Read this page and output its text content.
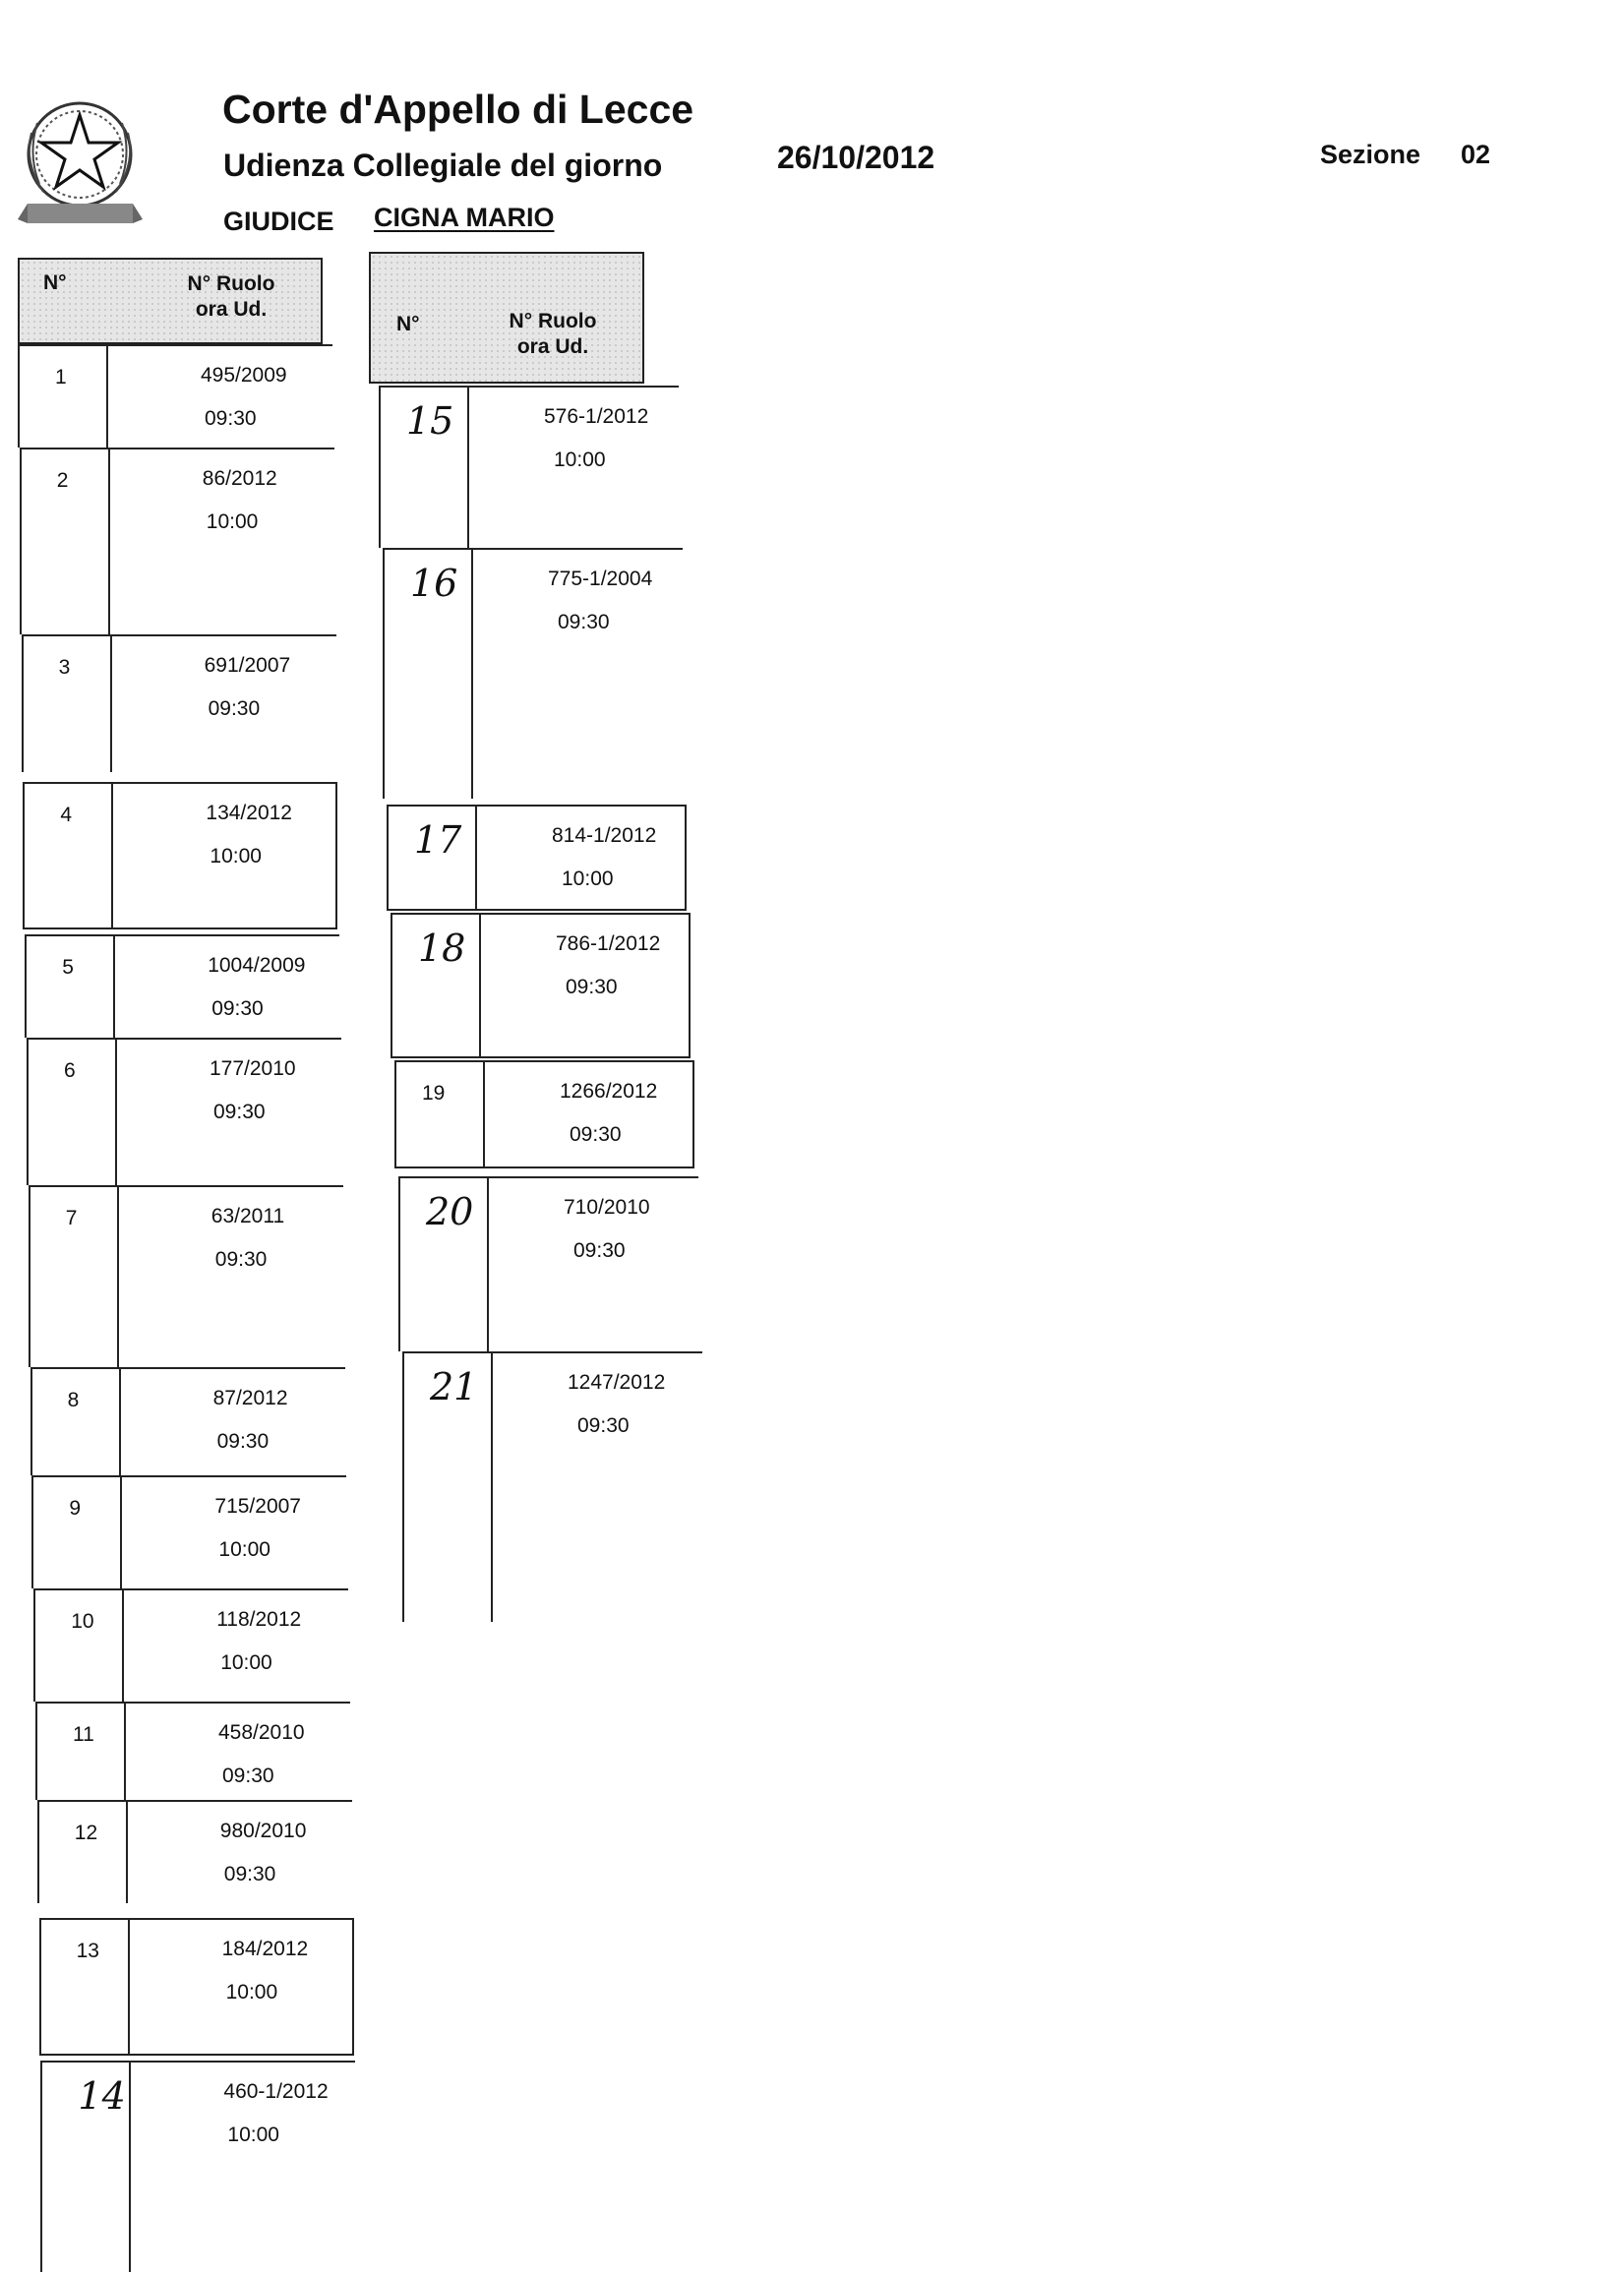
Corte d'Appello di Lecce
Udienza Collegiale del giorno	26/10/2012	Sezione 02
GIUDICE CIGNA MARIO
N°	N° Ruolo
ora Ud.
N°	N° Ruolo
ora Ud.
1	495/2009
09:30
2	86/2012
10:00
3	691/2007
09:30
4	134/2012
10:00
5	1004/2009
09:30
6	177/2010
09:30
7	63/2011
09:30
8	87/2012
09:30
9	715/2007
10:00
10	118/2012
10:00
11	458/2010
09:30
12	980/2010
09:30
13	184/2012
10:00
14	460-1/2012
10:00
15	576-1/2012
10:00
16	775-1/2004
09:30
17	814-1/2012
10:00
18	786-1/2012
09:30
19	1266/2012
09:30
20	710/2010
09:30
21	1247/2012
09:30
